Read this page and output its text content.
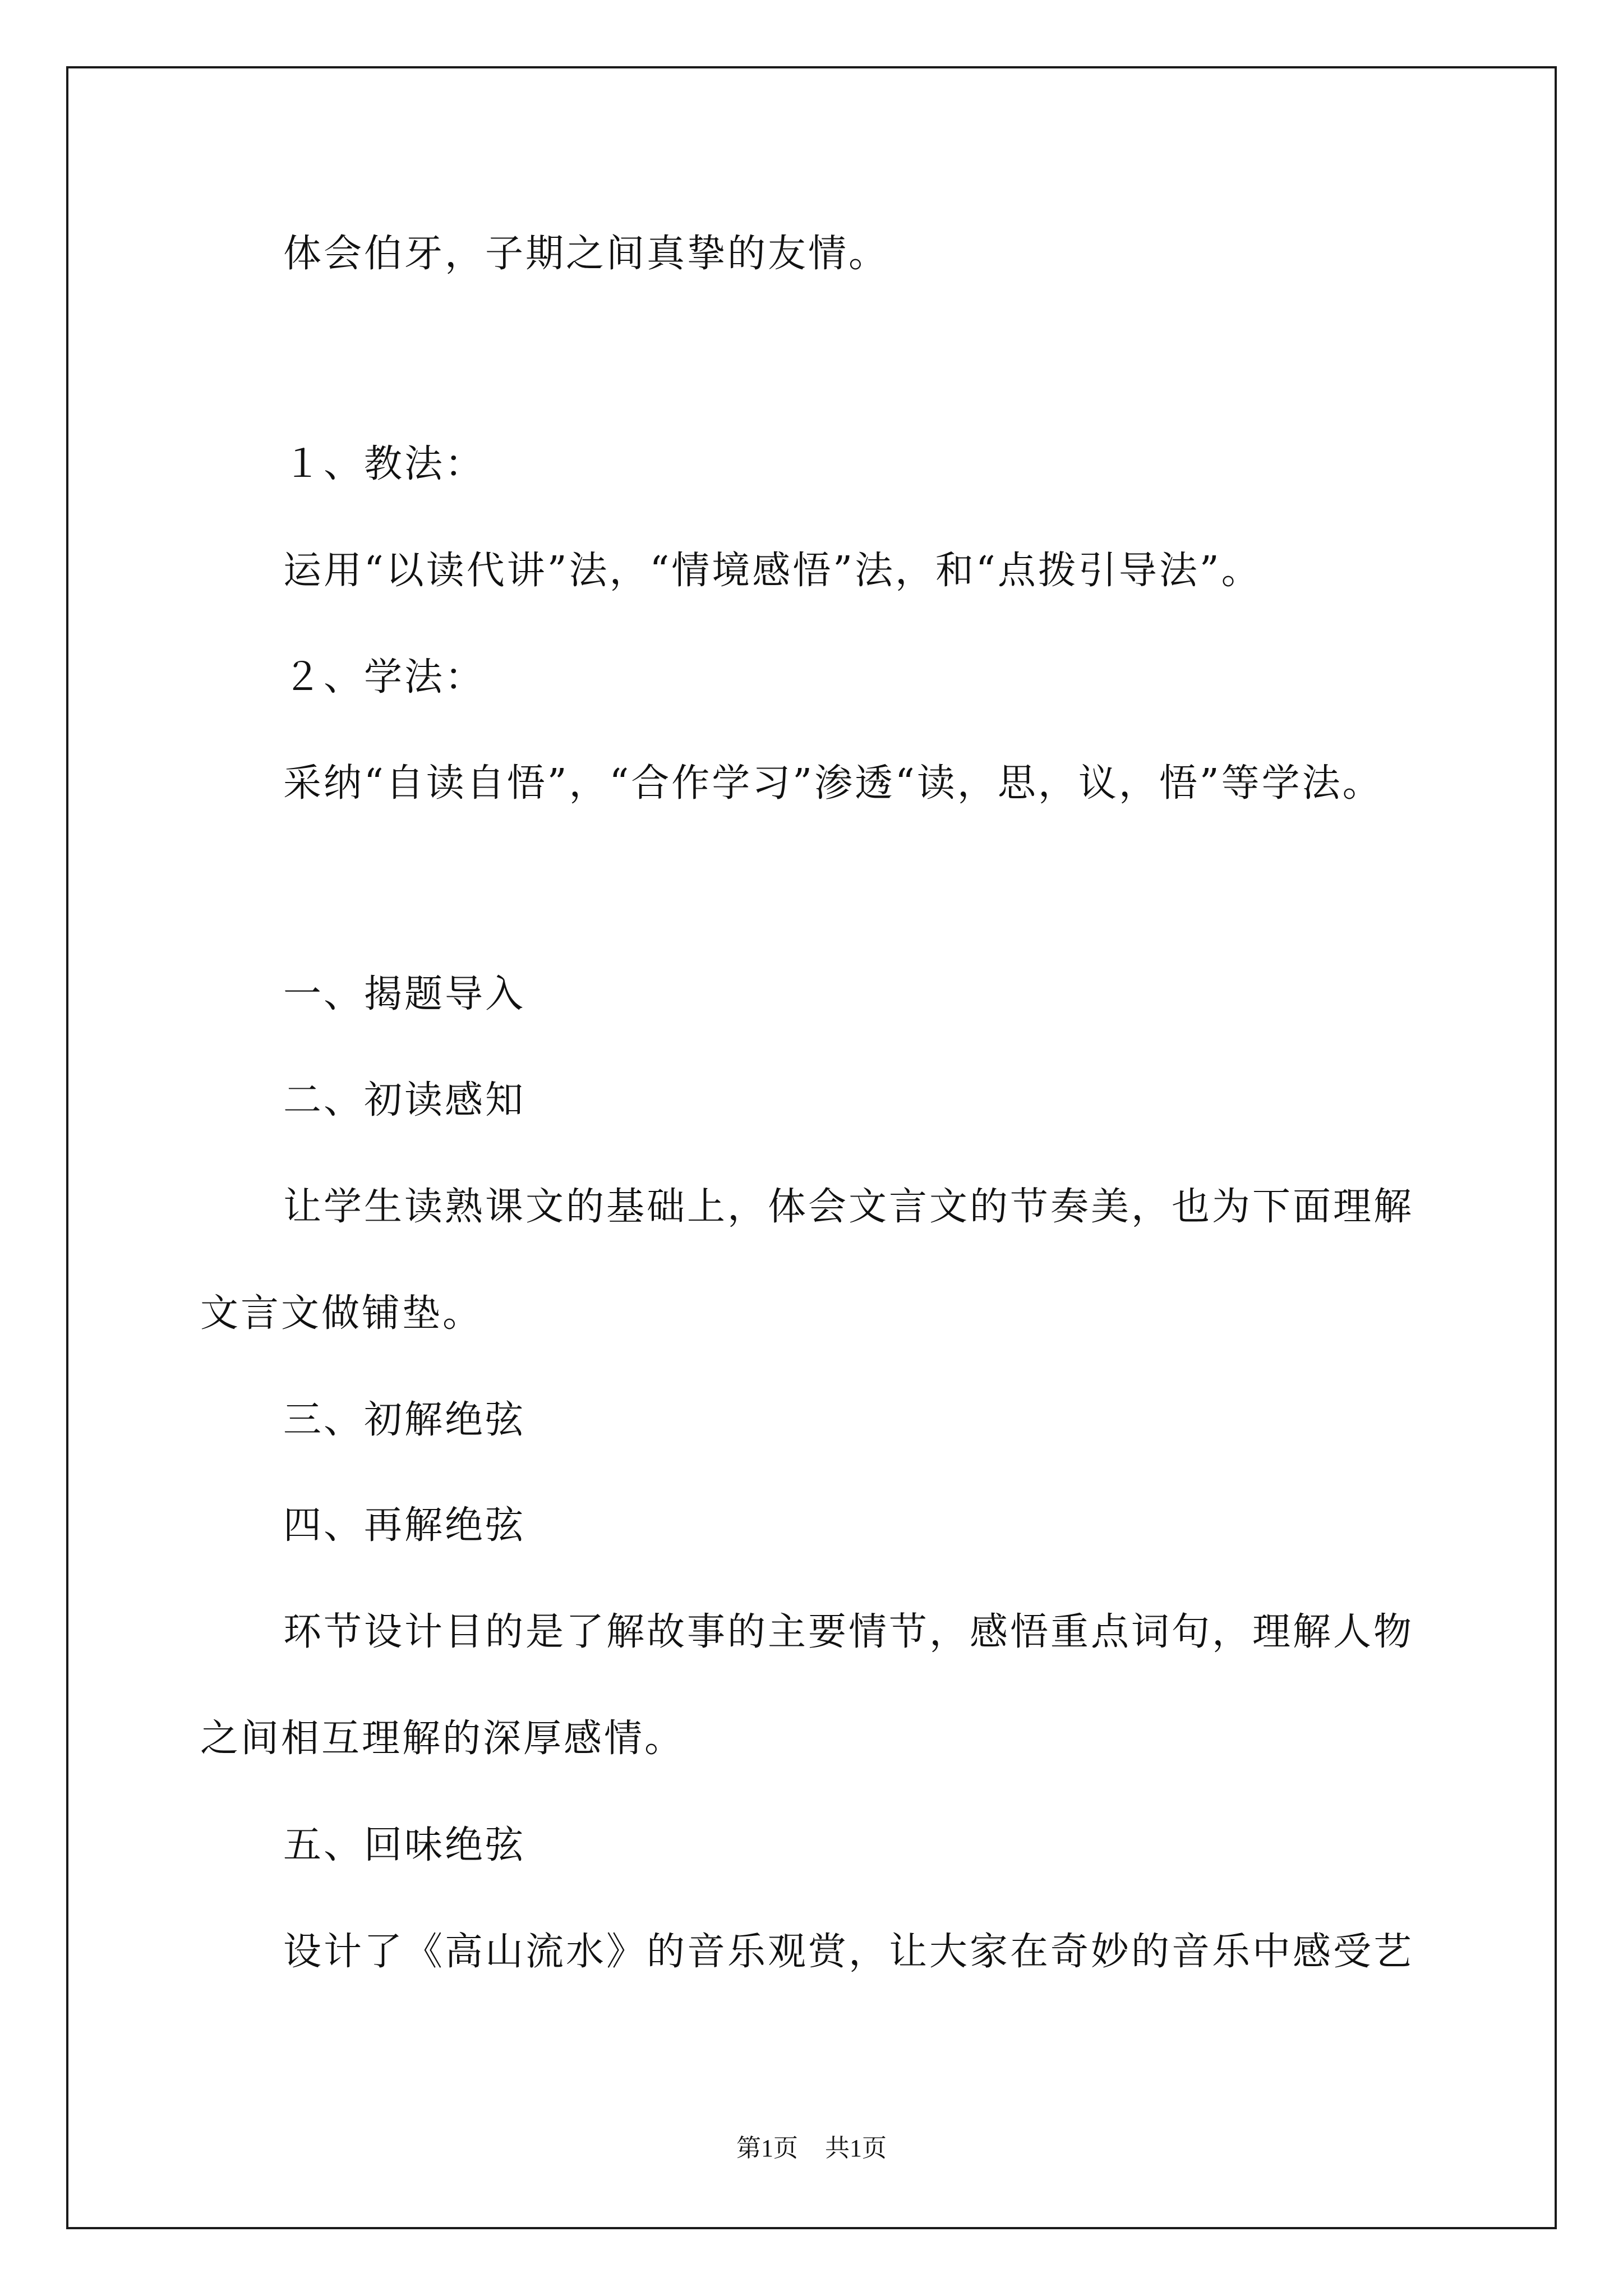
体会伯牙，子期之间真挚的友情。
１、教法：
运用“以读代讲”法，“情境感悟”法，和“点拨引导法”。
２、学法：
采纳“自读自悟”，“合作学习”渗透“读，思，议，悟”等学法。
一、揭题导入
二、初读感知
让学生读熟课文的基础上，体会文言文的节奏美，也为下面理解
文言文做铺垫。
三、初解绝弦
四、再解绝弦
环节设计目的是了解故事的主要情节，感悟重点词句，理解人物
之间相互理解的深厚感情。
五、回味绝弦
设计了《高山流水》的音乐观赏，让大家在奇妙的音乐中感受艺
第1页 共1页
